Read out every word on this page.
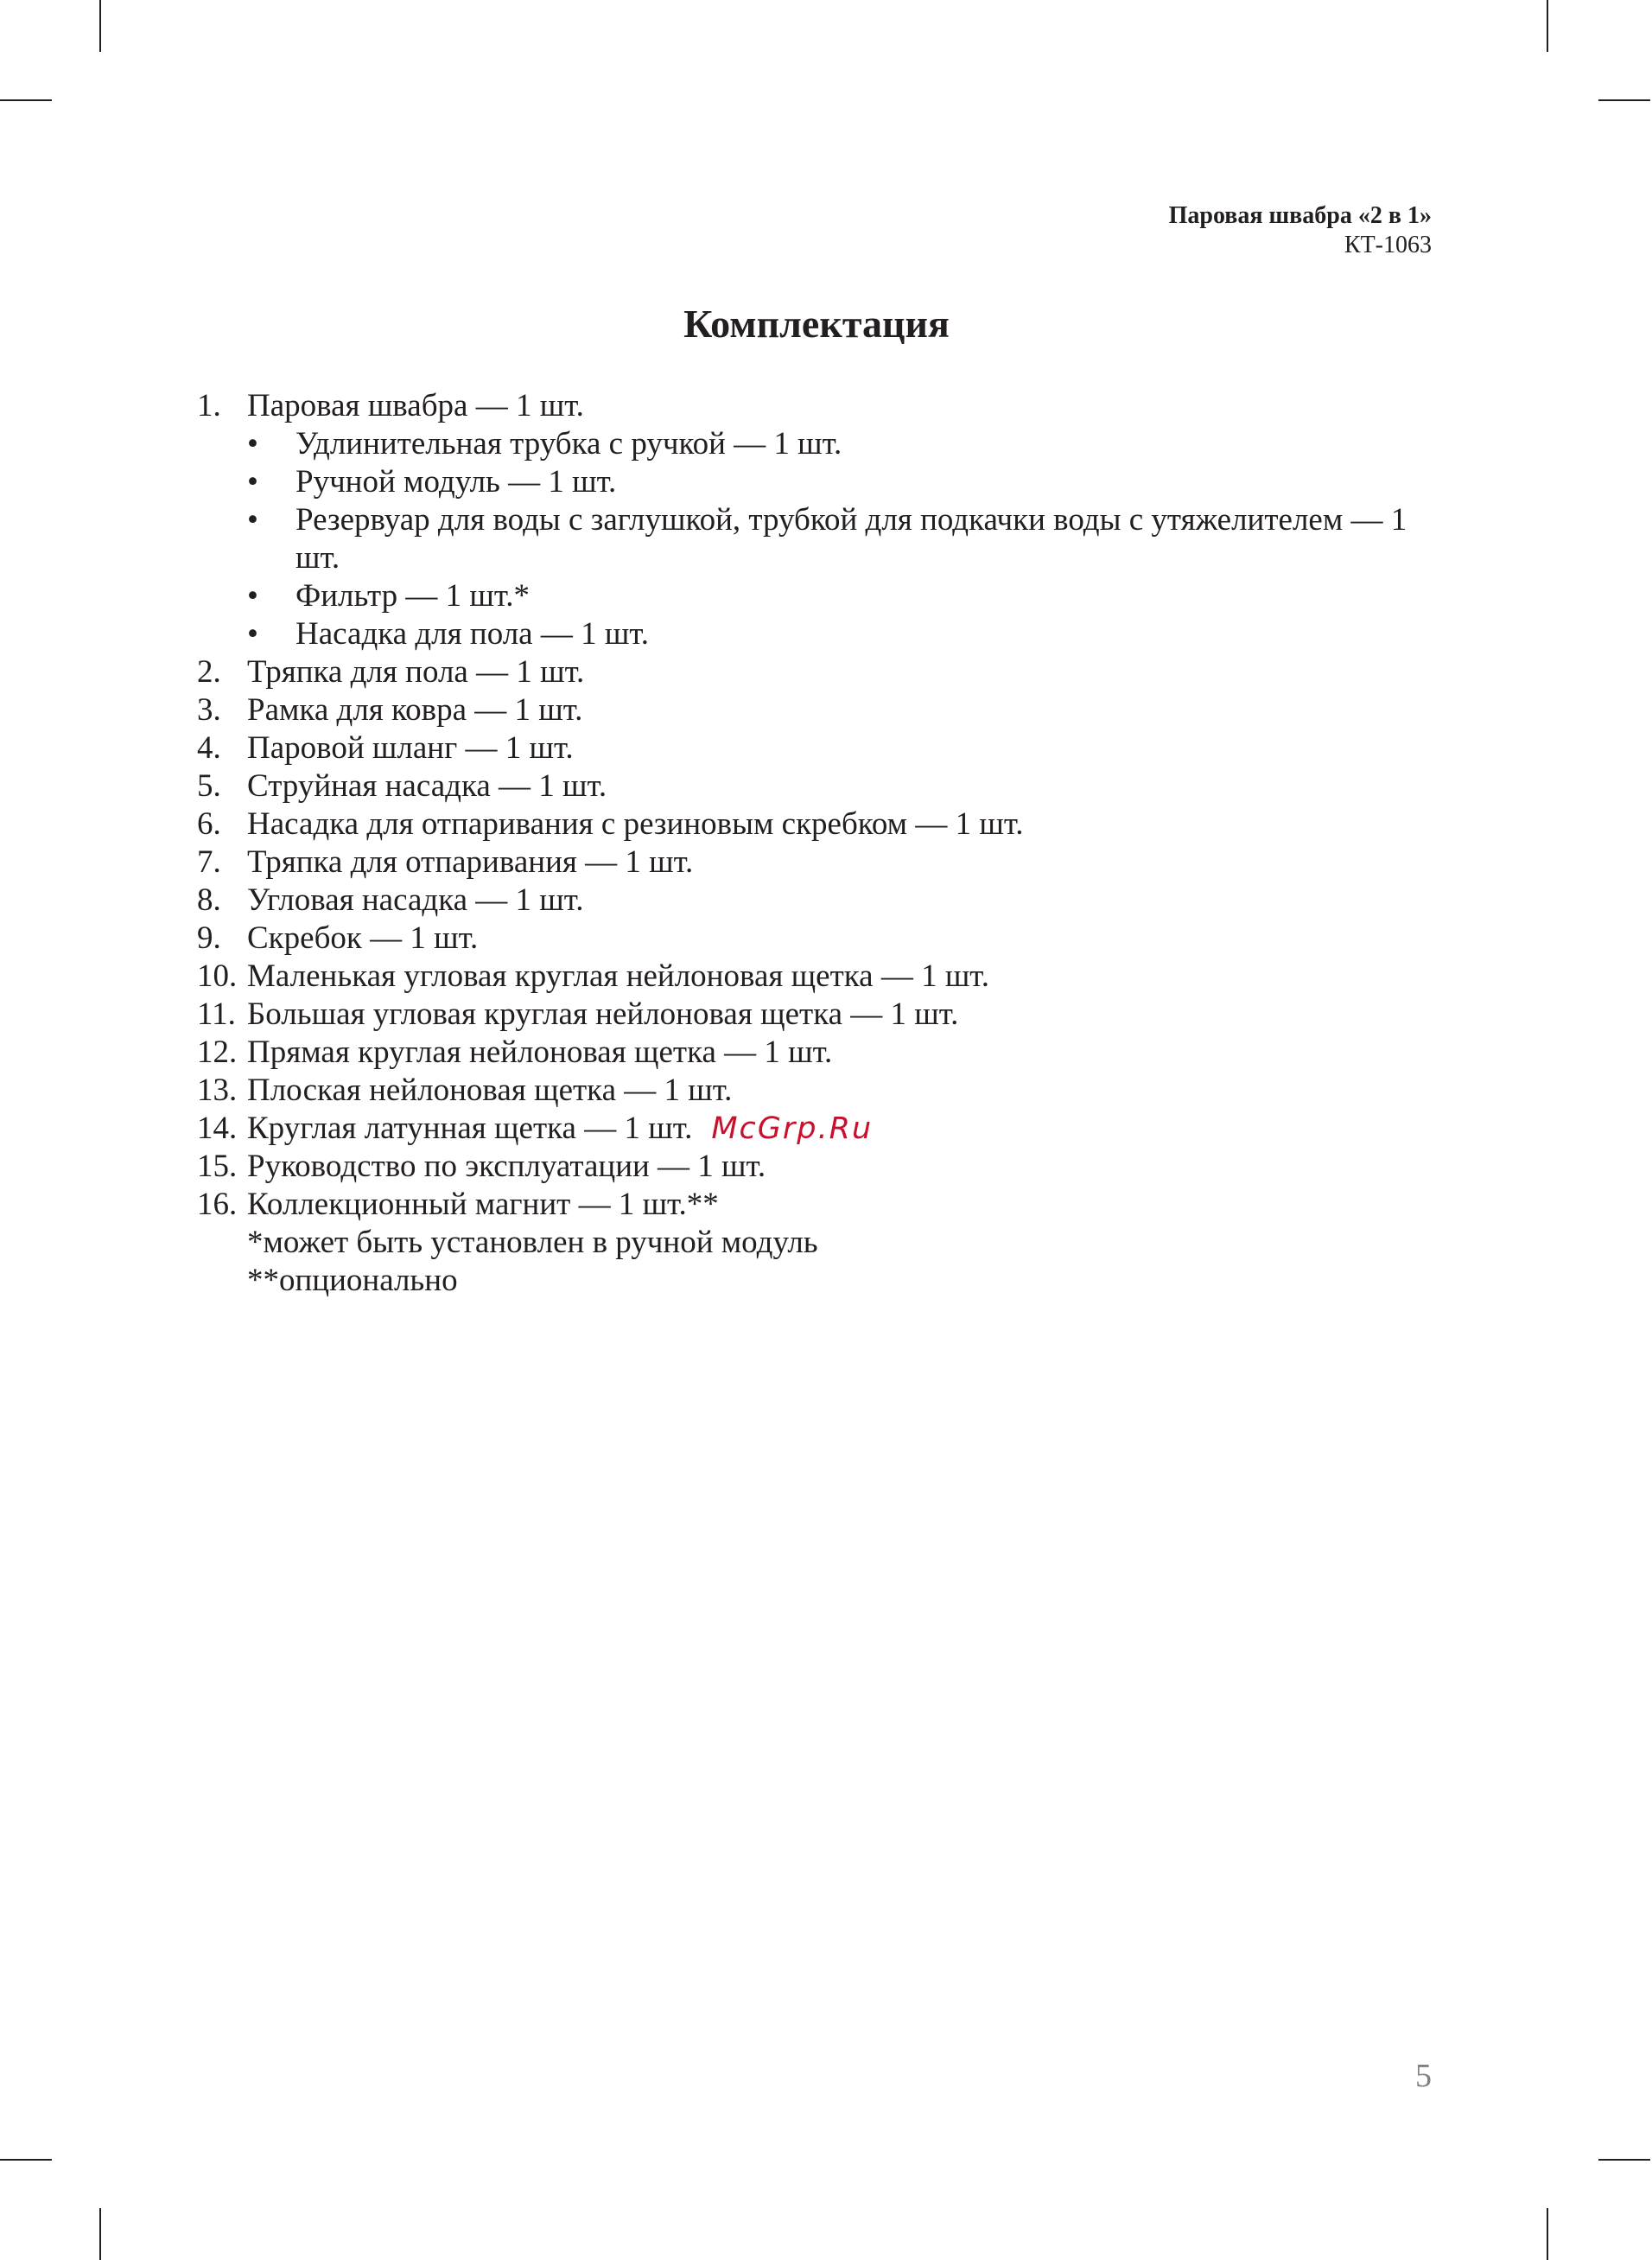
Паровая швабра «2 в 1»
КТ-1063
Комплектация
1. Паровая швабра — 1 шт.
•	Удлинительная трубка с ручкой — 1 шт.
•	Ручной модуль — 1 шт.
•	Резервуар для воды с заглушкой, трубкой для подкачки воды с утяжелителем — 1 шт.
•	Фильтр — 1 шт.*
•	Насадка для пола — 1 шт.
2. Тряпка для пола — 1 шт.
3. Рамка для ковра — 1 шт.
4. Паровой шланг — 1 шт.
5. Струйная насадка — 1 шт.
6. Насадка для отпаривания с резиновым скребком — 1 шт.
7. Тряпка для отпаривания — 1 шт.
8. Угловая насадка — 1 шт.
9. Скребок — 1 шт.
10. Маленькая угловая круглая нейлоновая щетка — 1 шт.
11. Большая угловая круглая нейлоновая щетка — 1 шт.
12. Прямая круглая нейлоновая щетка — 1 шт.
13. Плоская нейлоновая щетка — 1 шт.
14. Круглая латунная щетка — 1 шт. McGrp.Ru
15. Руководство по эксплуатации — 1 шт.
16. Коллекционный магнит — 1 шт.**
*может быть установлен в ручной модуль
**опционально
5
